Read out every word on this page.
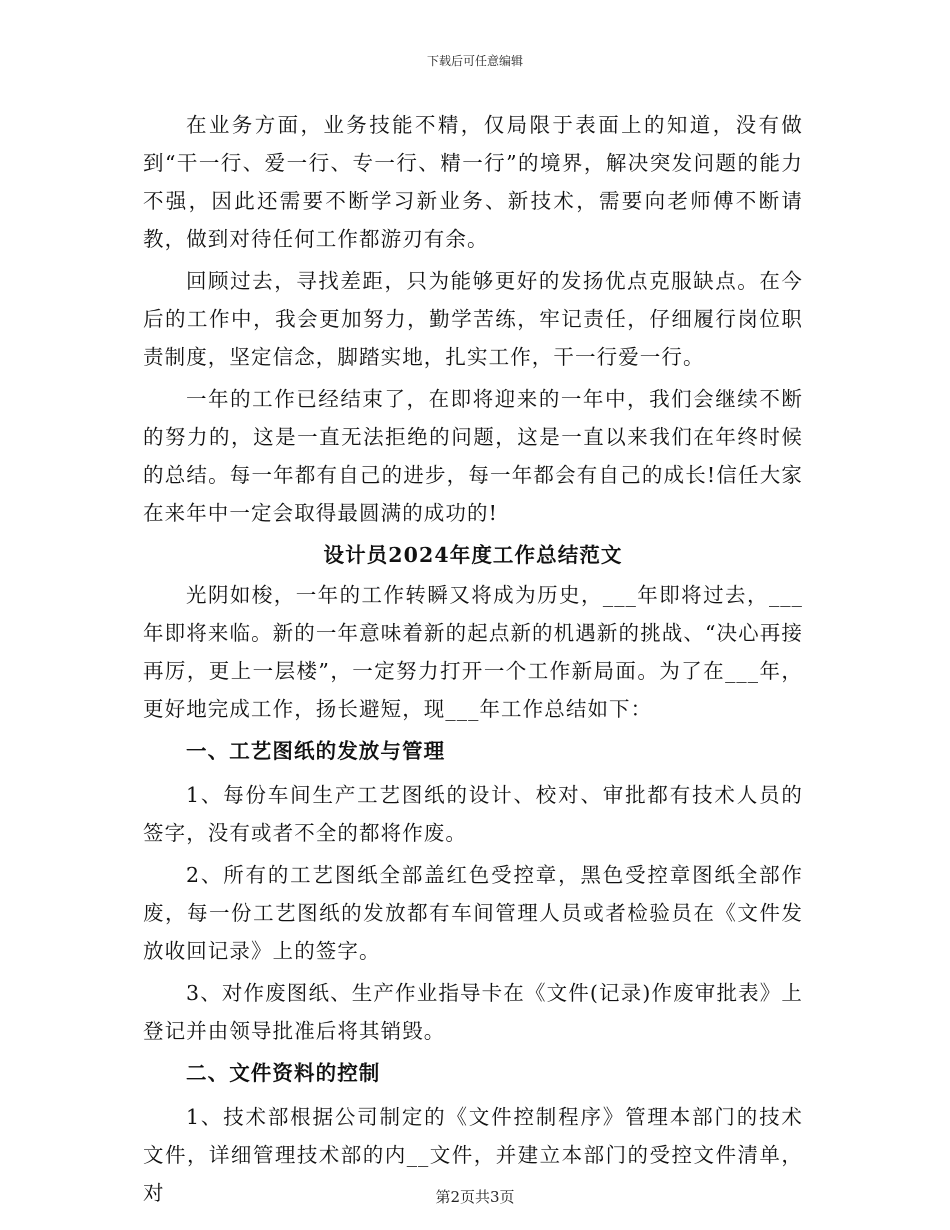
下载后可任意编辑

在业务方面，业务技能不精，仅局限于表面上的知道，没有做到“干一行、爱一行、专一行、精一行”的境界，解决突发问题的能力不强，因此还需要不断学习新业务、新技术，需要向老师傅不断请教，做到对待任何工作都游刃有余。

回顾过去，寻找差距，只为能够更好的发扬优点克服缺点。在今后的工作中，我会更加努力，勤学苦练，牢记责任，仔细履行岗位职责制度，坚定信念，脚踏实地，扎实工作，干一行爱一行。

一年的工作已经结束了，在即将迎来的一年中，我们会继续不断的努力的，这是一直无法拒绝的问题，这是一直以来我们在年终时候的总结。每一年都有自己的进步，每一年都会有自己的成长!信任大家在来年中一定会取得最圆满的成功的!

设计员2024年度工作总结范文

光阴如梭，一年的工作转瞬又将成为历史，___年即将过去，___年即将来临。新的一年意味着新的起点新的机遇新的挑战、“决心再接再厉，更上一层楼”，一定努力打开一个工作新局面。为了在___年，更好地完成工作，扬长避短，现___年工作总结如下：

一、工艺图纸的发放与管理

1、每份车间生产工艺图纸的设计、校对、审批都有技术人员的签字，没有或者不全的都将作废。

2、所有的工艺图纸全部盖红色受控章，黑色受控章图纸全部作废，每一份工艺图纸的发放都有车间管理人员或者检验员在《文件发放收回记录》上的签字。

3、对作废图纸、生产作业指导卡在《文件(记录)作废审批表》上登记并由领导批准后将其销毁。

二、文件资料的控制

1、技术部根据公司制定的《文件控制程序》管理本部门的技术文件，详细管理技术部的内__文件，并建立本部门的受控文件清单，对	第2页共3页
